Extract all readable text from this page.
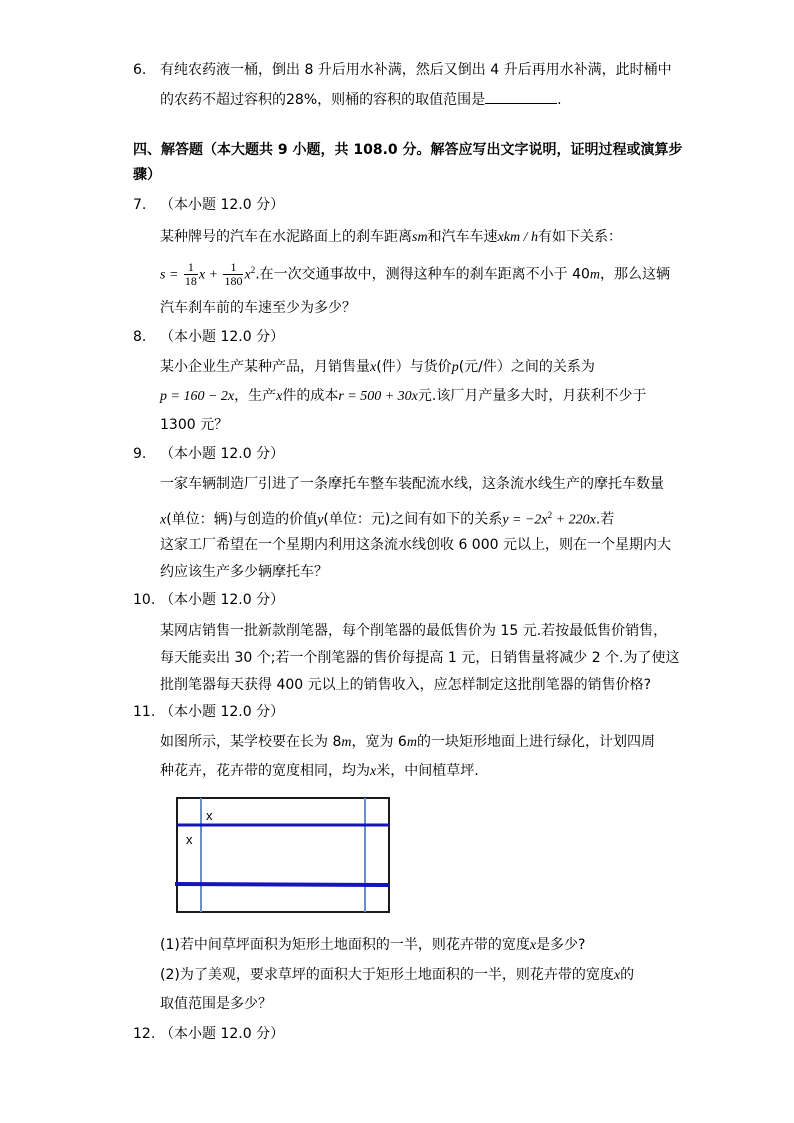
6. 有纯农药液一桶，倒出 8 升后用水补满，然后又倒出 4 升后再用水补满，此时桶中
的农药不超过容积的28%，则桶的容积的取值范围是	.
四、解答题（本大题共 9 小题，共 108.0 分。解答应写出文字说明，证明过程或演算步
骤）
7. （本小题 12.0 分）
某种牌号的汽车在水泥路面上的刹车距离sm和汽车车速xkm / h有如下关系：
$s = \frac{1}{18}$ $x + \frac{1}{180} x^2$.在一次交通事故中，测得这种车的刹车距离不小于 40m，那么这辆
汽车刹车前的车速至少为多少？
8. （本小题 12.0 分）
某小企业生产某种产品，月销售量x(件）与货价p(元/件）之间的关系为
p = 160 − 2x，生产x件的成本r = 500 + 30x元.该厂月产量多大时，月获利不少于
1300 元？
9. （本小题 12.0 分）
一家车辆制造厂引进了一条摩托车整车装配流水线，这条流水线生产的摩托车数量
x(单位：辆)与创造的价值y(单位：元)之间有如下的关系$y = -2x^2 + 220x$.若
这家工厂希望在一个星期内利用这条流水线创收 6 000 元以上，则在一个星期内大
约应该生产多少辆摩托车？
10. （本小题 12.0 分）
某网店销售一批新款削笔器，每个削笔器的最低售价为 15 元.若按最低售价销售，
每天能卖出 30 个;若一个削笔器的售价每提高 1 元，日销售量将减少 2 个.为了使这
批削笔器每天获得 400 元以上的销售收入，应怎样制定这批削笔器的销售价格?
11. （本小题 12.0 分）
如图所示，某学校要在长为 8m，宽为 6m的一块矩形地面上进行绿化，计划四周
种花卉，花卉带的宽度相同，均为x米，中间植草坪.
x
x
(1)若中间草坪面积为矩形土地面积的一半，则花卉带的宽度x是多少?
(2)为了美观，要求草坪的面积大于矩形土地面积的一半，则花卉带的宽度x的
取值范围是多少？
12. （本小题 12.0 分）
